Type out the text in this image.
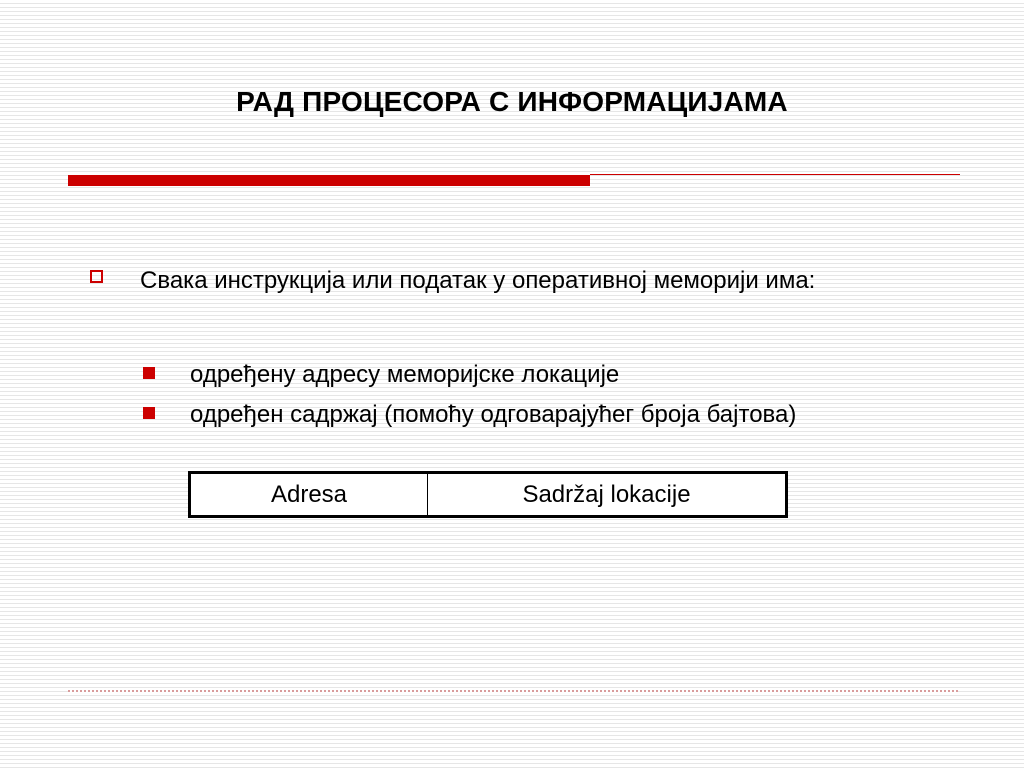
РАД ПРОЦЕСОРА С ИНФОРМАЦИЈАМА
Свака инструкција или податак у оперативној меморији има:
одређену адресу меморијске локације
одређен садржај (помоћу одговарајућег броја бајтова)
Adresa	Sadržaj lokacije
